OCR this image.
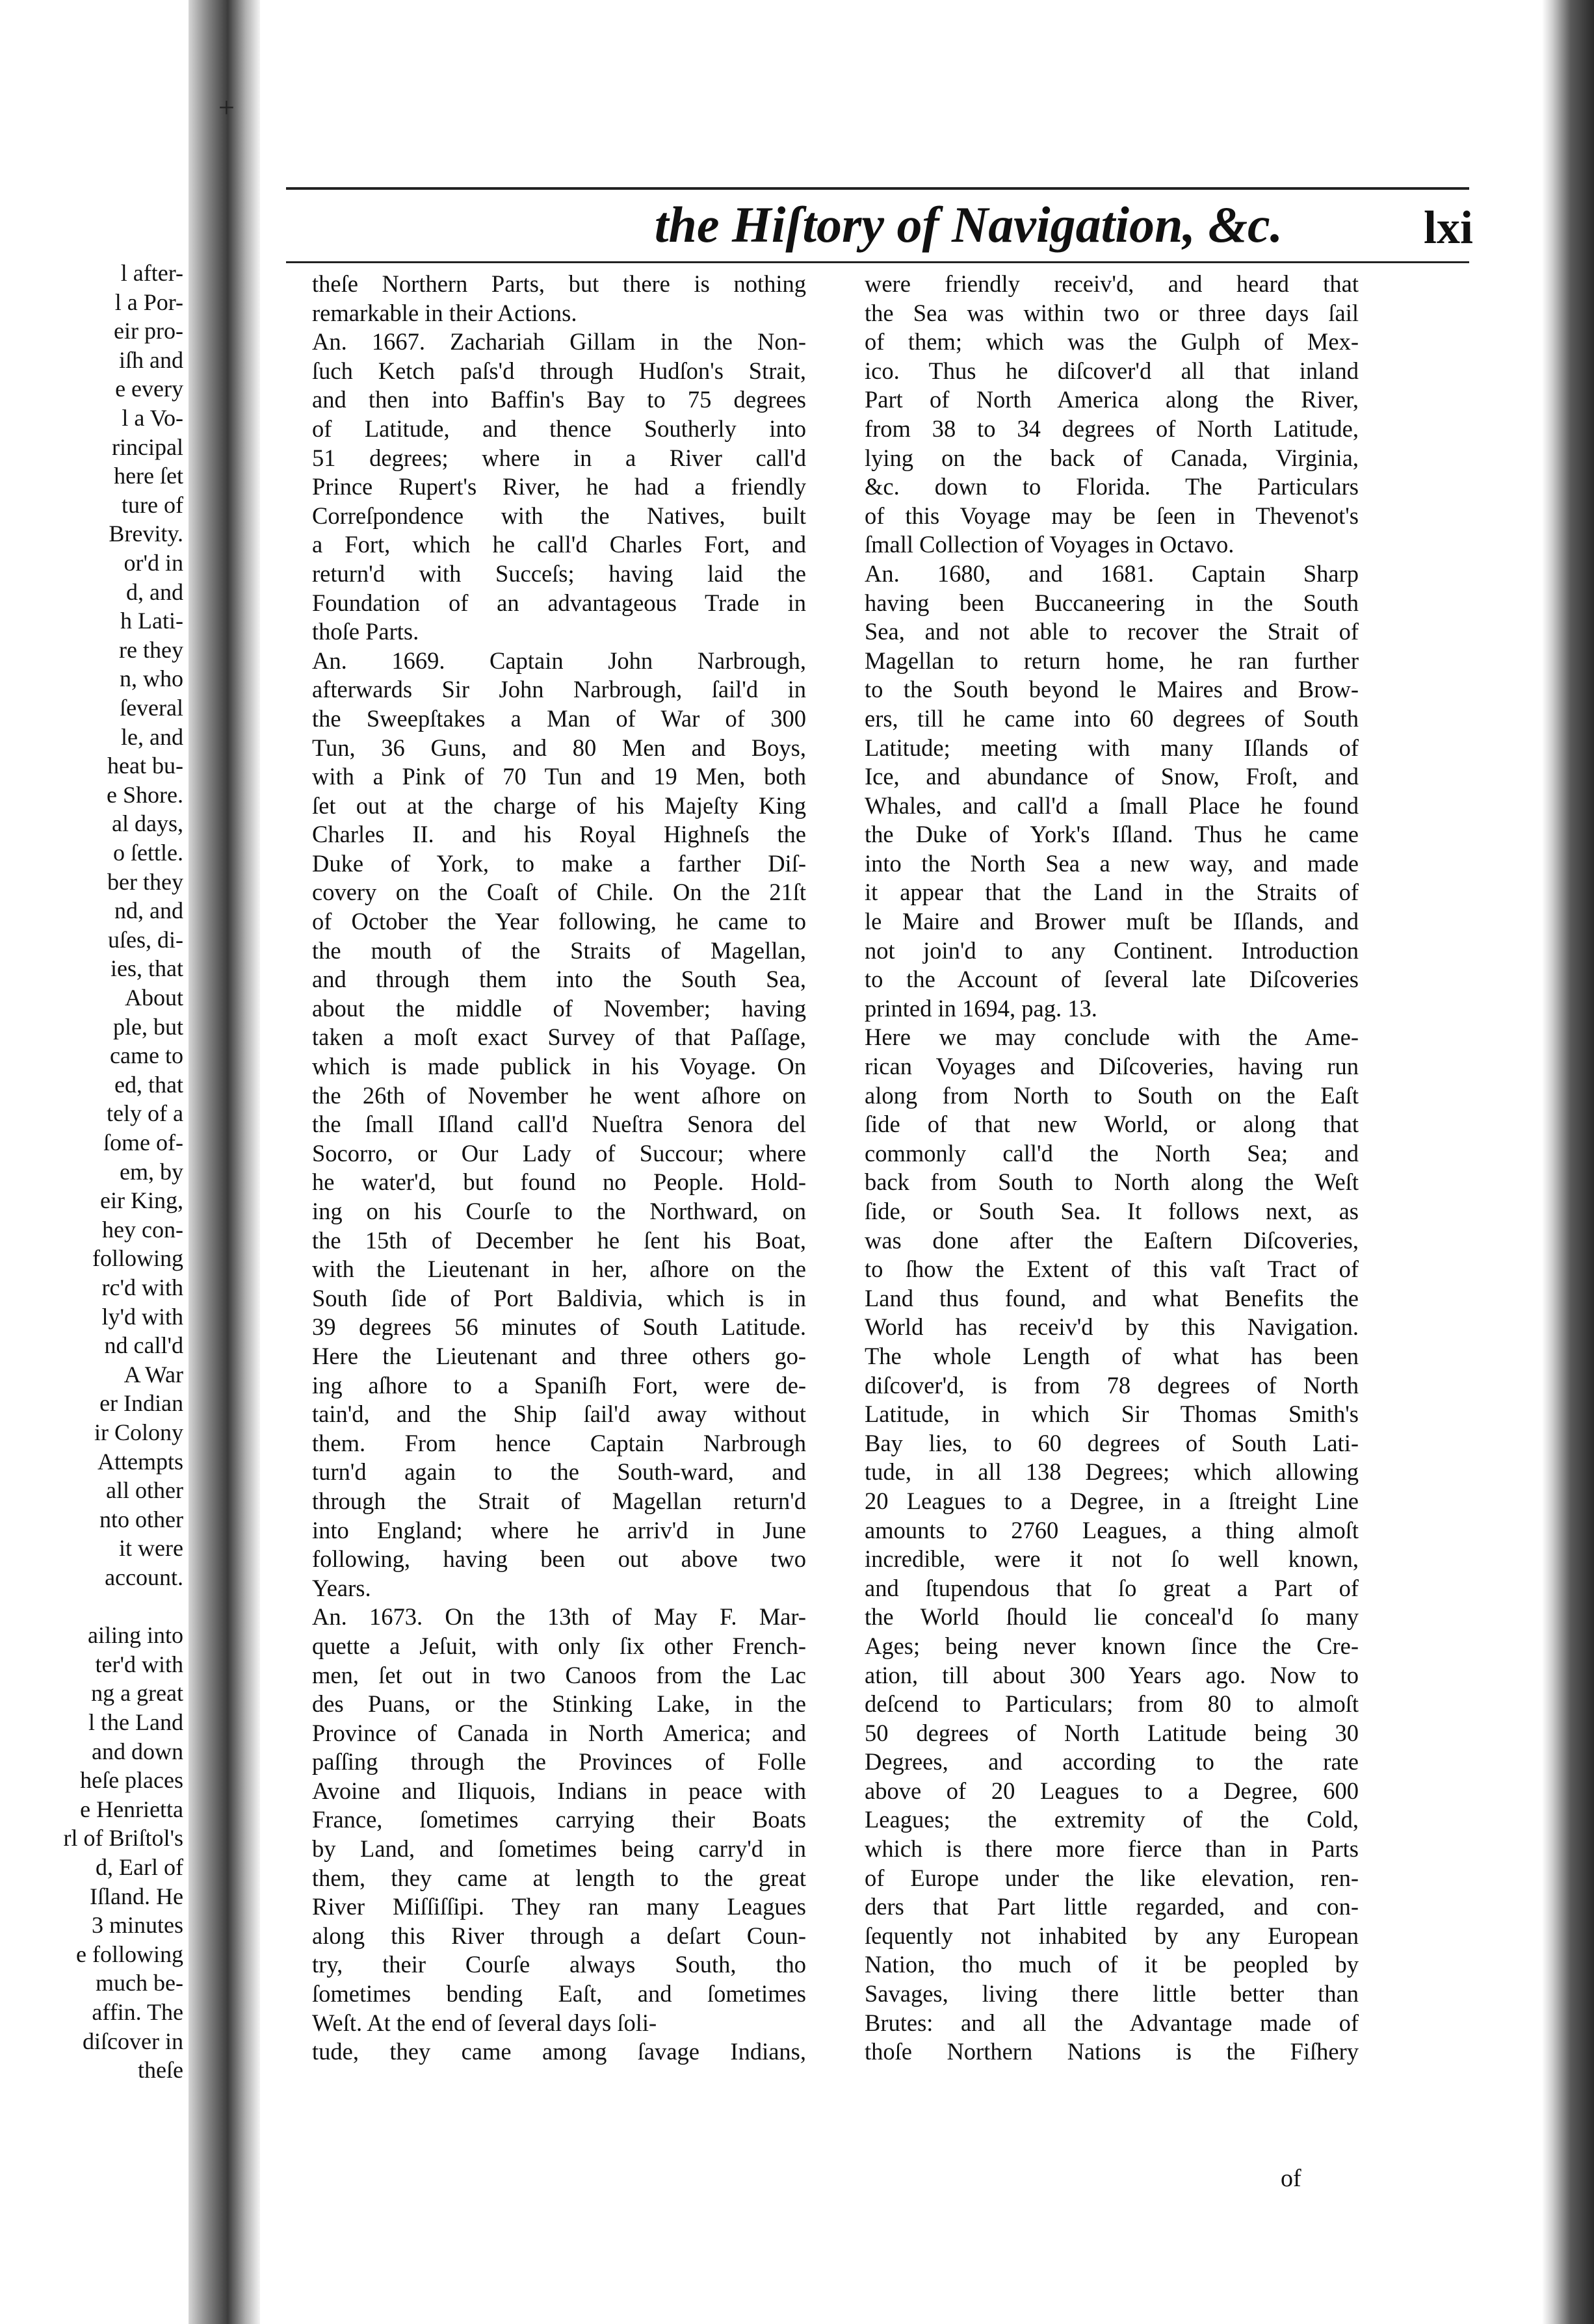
l after-
l a Por-
eir pro-
iſh and
e every
l a Vo-
rincipal
here ſet
ture of
Brevity.
or'd in
d, and
h Lati-
re they
n, who
ſeveral
le, and
heat bu-
e Shore.
al days,
o ſettle.
ber they
nd, and
uſes, di-
ies, that
About
ple, but
came to
ed, that
tely of a
ſome of-
em, by
eir King,
hey con-
following
rc'd with
ly'd with
nd call'd
A War
er Indian
ir Colony
Attempts
all other
nto other
it were
account.
ailing into
ter'd with
ng a great
l the Land
and down
heſe places
e Henrietta
rl of Briſtol's
d, Earl of
Iſland. He
3 minutes
e following
much be-
affin. The
diſcover in
theſe
+
the Hiſtory of Navigation, &c.	lxi
theſe Northern Parts, but there is nothing
remarkable in their Actions.
An. 1667. Zachariah Gillam in the Non-
ſuch Ketch paſs'd through Hudſon's Strait,
and then into Baffin's Bay to 75 degrees
of Latitude, and thence Southerly into
51 degrees; where in a River call'd
Prince Rupert's River, he had a friendly
Correſpondence with the Natives, built
a Fort, which he call'd Charles Fort, and
return'd with Succeſs; having laid the
Foundation of an advantageous Trade in
thoſe Parts.
An. 1669. Captain John Narbrough,
afterwards Sir John Narbrough, ſail'd in
the Sweepſtakes a Man of War of 300
Tun, 36 Guns, and 80 Men and Boys,
with a Pink of 70 Tun and 19 Men, both
ſet out at the charge of his Majeſty King
Charles II. and his Royal Highneſs the
Duke of York, to make a farther Diſ-
covery on the Coaſt of Chile. On the 21ſt
of October the Year following, he came to
the mouth of the Straits of Magellan,
and through them into the South Sea,
about the middle of November; having
taken a moſt exact Survey of that Paſſage,
which is made publick in his Voyage. On
the 26th of November he went aſhore on
the ſmall Iſland call'd Nueſtra Senora del
Socorro, or Our Lady of Succour; where
he water'd, but found no People. Hold-
ing on his Courſe to the Northward, on
the 15th of December he ſent his Boat,
with the Lieutenant in her, aſhore on the
South ſide of Port Baldivia, which is in
39 degrees 56 minutes of South Latitude.
Here the Lieutenant and three others go-
ing aſhore to a Spaniſh Fort, were de-
tain'd, and the Ship ſail'd away without
them. From hence Captain Narbrough
turn'd again to the South-ward, and
through the Strait of Magellan return'd
into England; where he arriv'd in June
following, having been out above two
Years.
An. 1673. On the 13th of May F. Mar-
quette a Jeſuit, with only ſix other French-
men, ſet out in two Canoos from the Lac
des Puans, or the Stinking Lake, in the
Province of Canada in North America; and
paſſing through the Provinces of Folle
Avoine and Iliquois, Indians in peace with
France, ſometimes carrying their Boats
by Land, and ſometimes being carry'd in
them, they came at length to the great
River Miſſiſſipi. They ran many Leagues
along this River through a deſart Coun-
try, their Courſe always South, tho
ſometimes bending Eaſt, and ſometimes
Weſt. At the end of ſeveral days ſoli-
tude, they came among ſavage Indians,
were friendly receiv'd, and heard that
the Sea was within two or three days ſail
of them; which was the Gulph of Mex-
ico. Thus he diſcover'd all that inland
Part of North America along the River,
from 38 to 34 degrees of North Latitude,
lying on the back of Canada, Virginia,
&c. down to Florida. The Particulars
of this Voyage may be ſeen in Thevenot's
ſmall Collection of Voyages in Octavo.
An. 1680, and 1681. Captain Sharp
having been Buccaneering in the South
Sea, and not able to recover the Strait of
Magellan to return home, he ran further
to the South beyond le Maires and Brow-
ers, till he came into 60 degrees of South
Latitude; meeting with many Iſlands of
Ice, and abundance of Snow, Froſt, and
Whales, and call'd a ſmall Place he found
the Duke of York's Iſland. Thus he came
into the North Sea a new way, and made
it appear that the Land in the Straits of
le Maire and Brower muſt be Iſlands, and
not join'd to any Continent. Introduction
to the Account of ſeveral late Diſcoveries
printed in 1694, pag. 13.
Here we may conclude with the Ame-
rican Voyages and Diſcoveries, having run
along from North to South on the Eaſt
ſide of that new World, or along that
commonly call'd the North Sea; and
back from South to North along the Weſt
ſide, or South Sea. It follows next, as
was done after the Eaſtern Diſcoveries,
to ſhow the Extent of this vaſt Tract of
Land thus found, and what Benefits the
World has receiv'd by this Navigation.
The whole Length of what has been
diſcover'd, is from 78 degrees of North
Latitude, in which Sir Thomas Smith's
Bay lies, to 60 degrees of South Lati-
tude, in all 138 Degrees; which allowing
20 Leagues to a Degree, in a ſtreight Line
amounts to 2760 Leagues, a thing almoſt
incredible, were it not ſo well known,
and ſtupendous that ſo great a Part of
the World ſhould lie conceal'd ſo many
Ages; being never known ſince the Cre-
ation, till about 300 Years ago. Now to
deſcend to Particulars; from 80 to almoſt
50 degrees of North Latitude being 30
Degrees, and according to the rate
above of 20 Leagues to a Degree, 600
Leagues; the extremity of the Cold,
which is there more fierce than in Parts
of Europe under the like elevation, ren-
ders that Part little regarded, and con-
ſequently not inhabited by any European
Nation, tho much of it be peopled by
Savages, living there little better than
Brutes: and all the Advantage made of
thoſe Northern Nations is the Fiſhery
of
